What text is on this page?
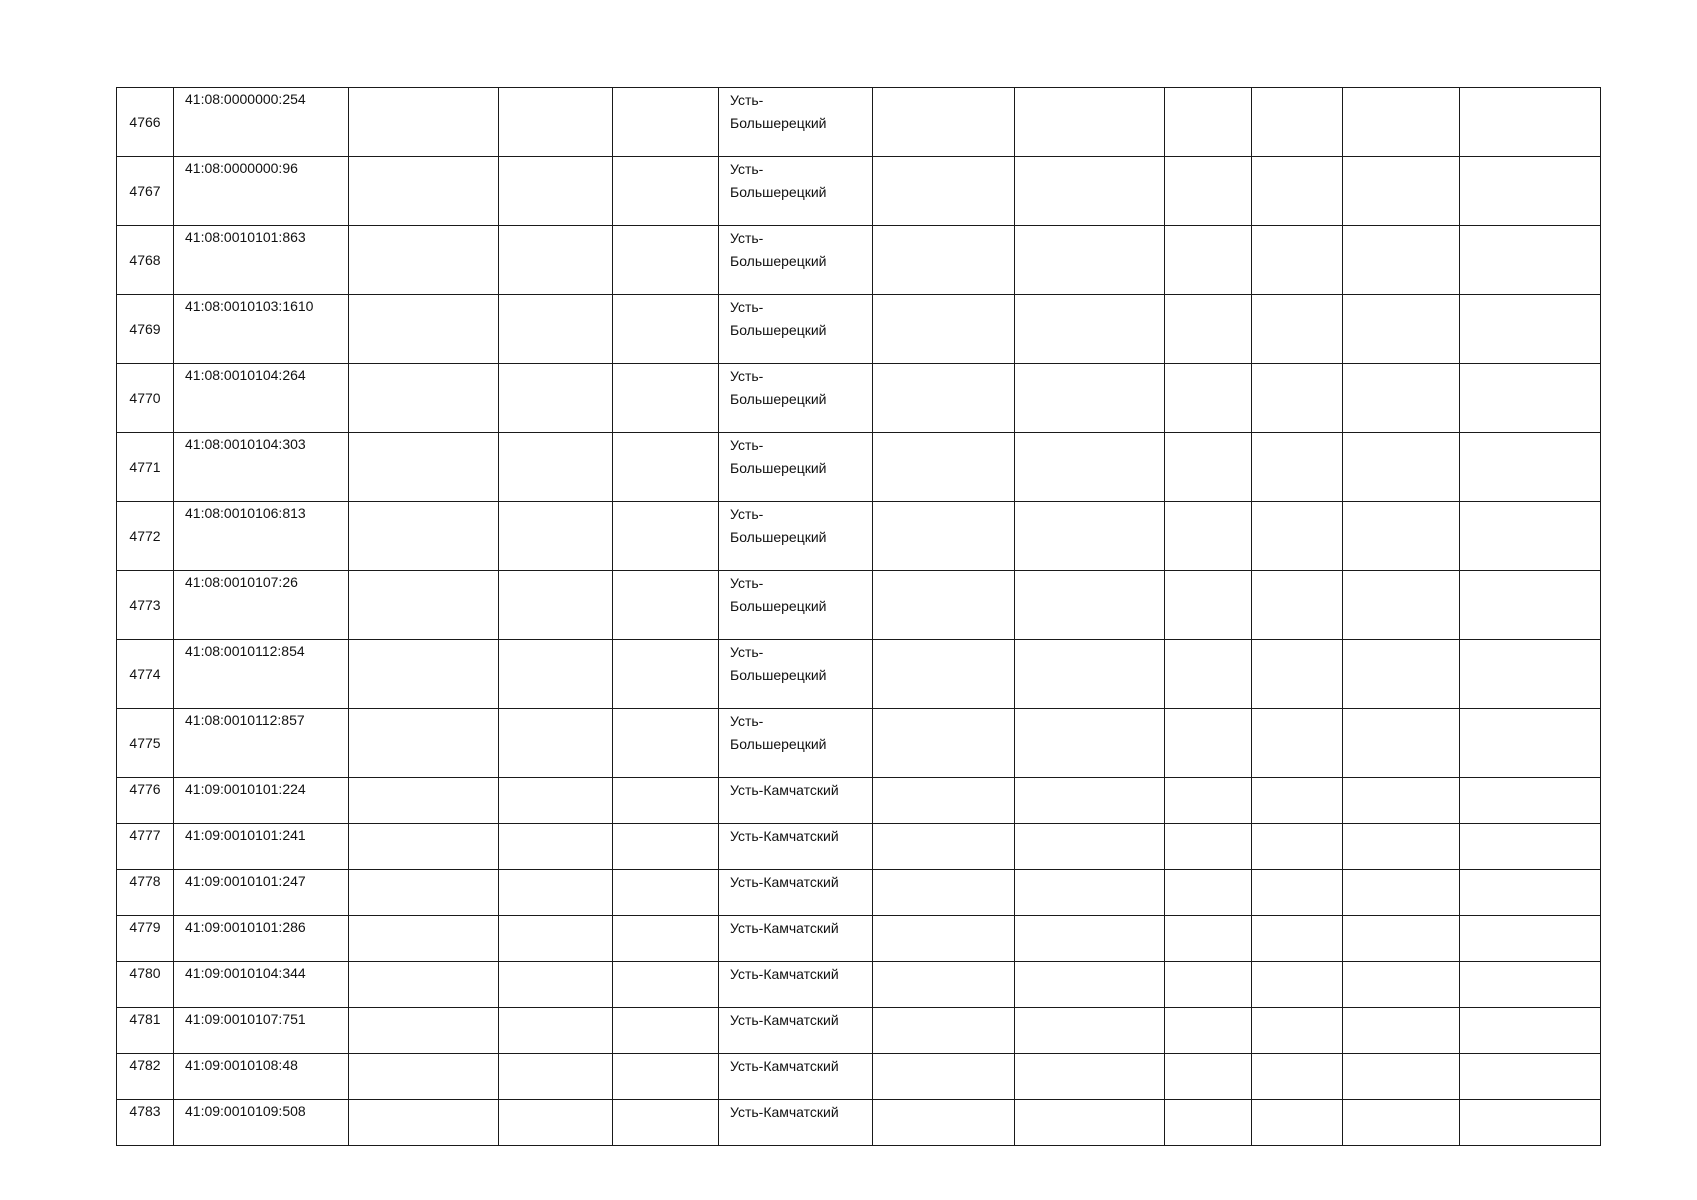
4766	41:08:0000000:254				Усть-
Большерецкий						

4767	41:08:0000000:96				Усть-
Большерецкий						

4768	41:08:0010101:863				Усть-
Большерецкий						

4769	41:08:0010103:1610				Усть-
Большерецкий						

4770	41:08:0010104:264				Усть-
Большерецкий						

4771	41:08:0010104:303				Усть-
Большерецкий						

4772	41:08:0010106:813				Усть-
Большерецкий						

4773	41:08:0010107:26				Усть-
Большерецкий						

4774	41:08:0010112:854				Усть-
Большерецкий						

4775	41:08:0010112:857				Усть-
Большерецкий						

4776	41:09:0010101:224				Усть-Камчатский						

4777	41:09:0010101:241				Усть-Камчатский						

4778	41:09:0010101:247				Усть-Камчатский						

4779	41:09:0010101:286				Усть-Камчатский						

4780	41:09:0010104:344				Усть-Камчатский						

4781	41:09:0010107:751				Усть-Камчатский						

4782	41:09:0010108:48				Усть-Камчатский						

4783	41:09:0010109:508				Усть-Камчатский						
